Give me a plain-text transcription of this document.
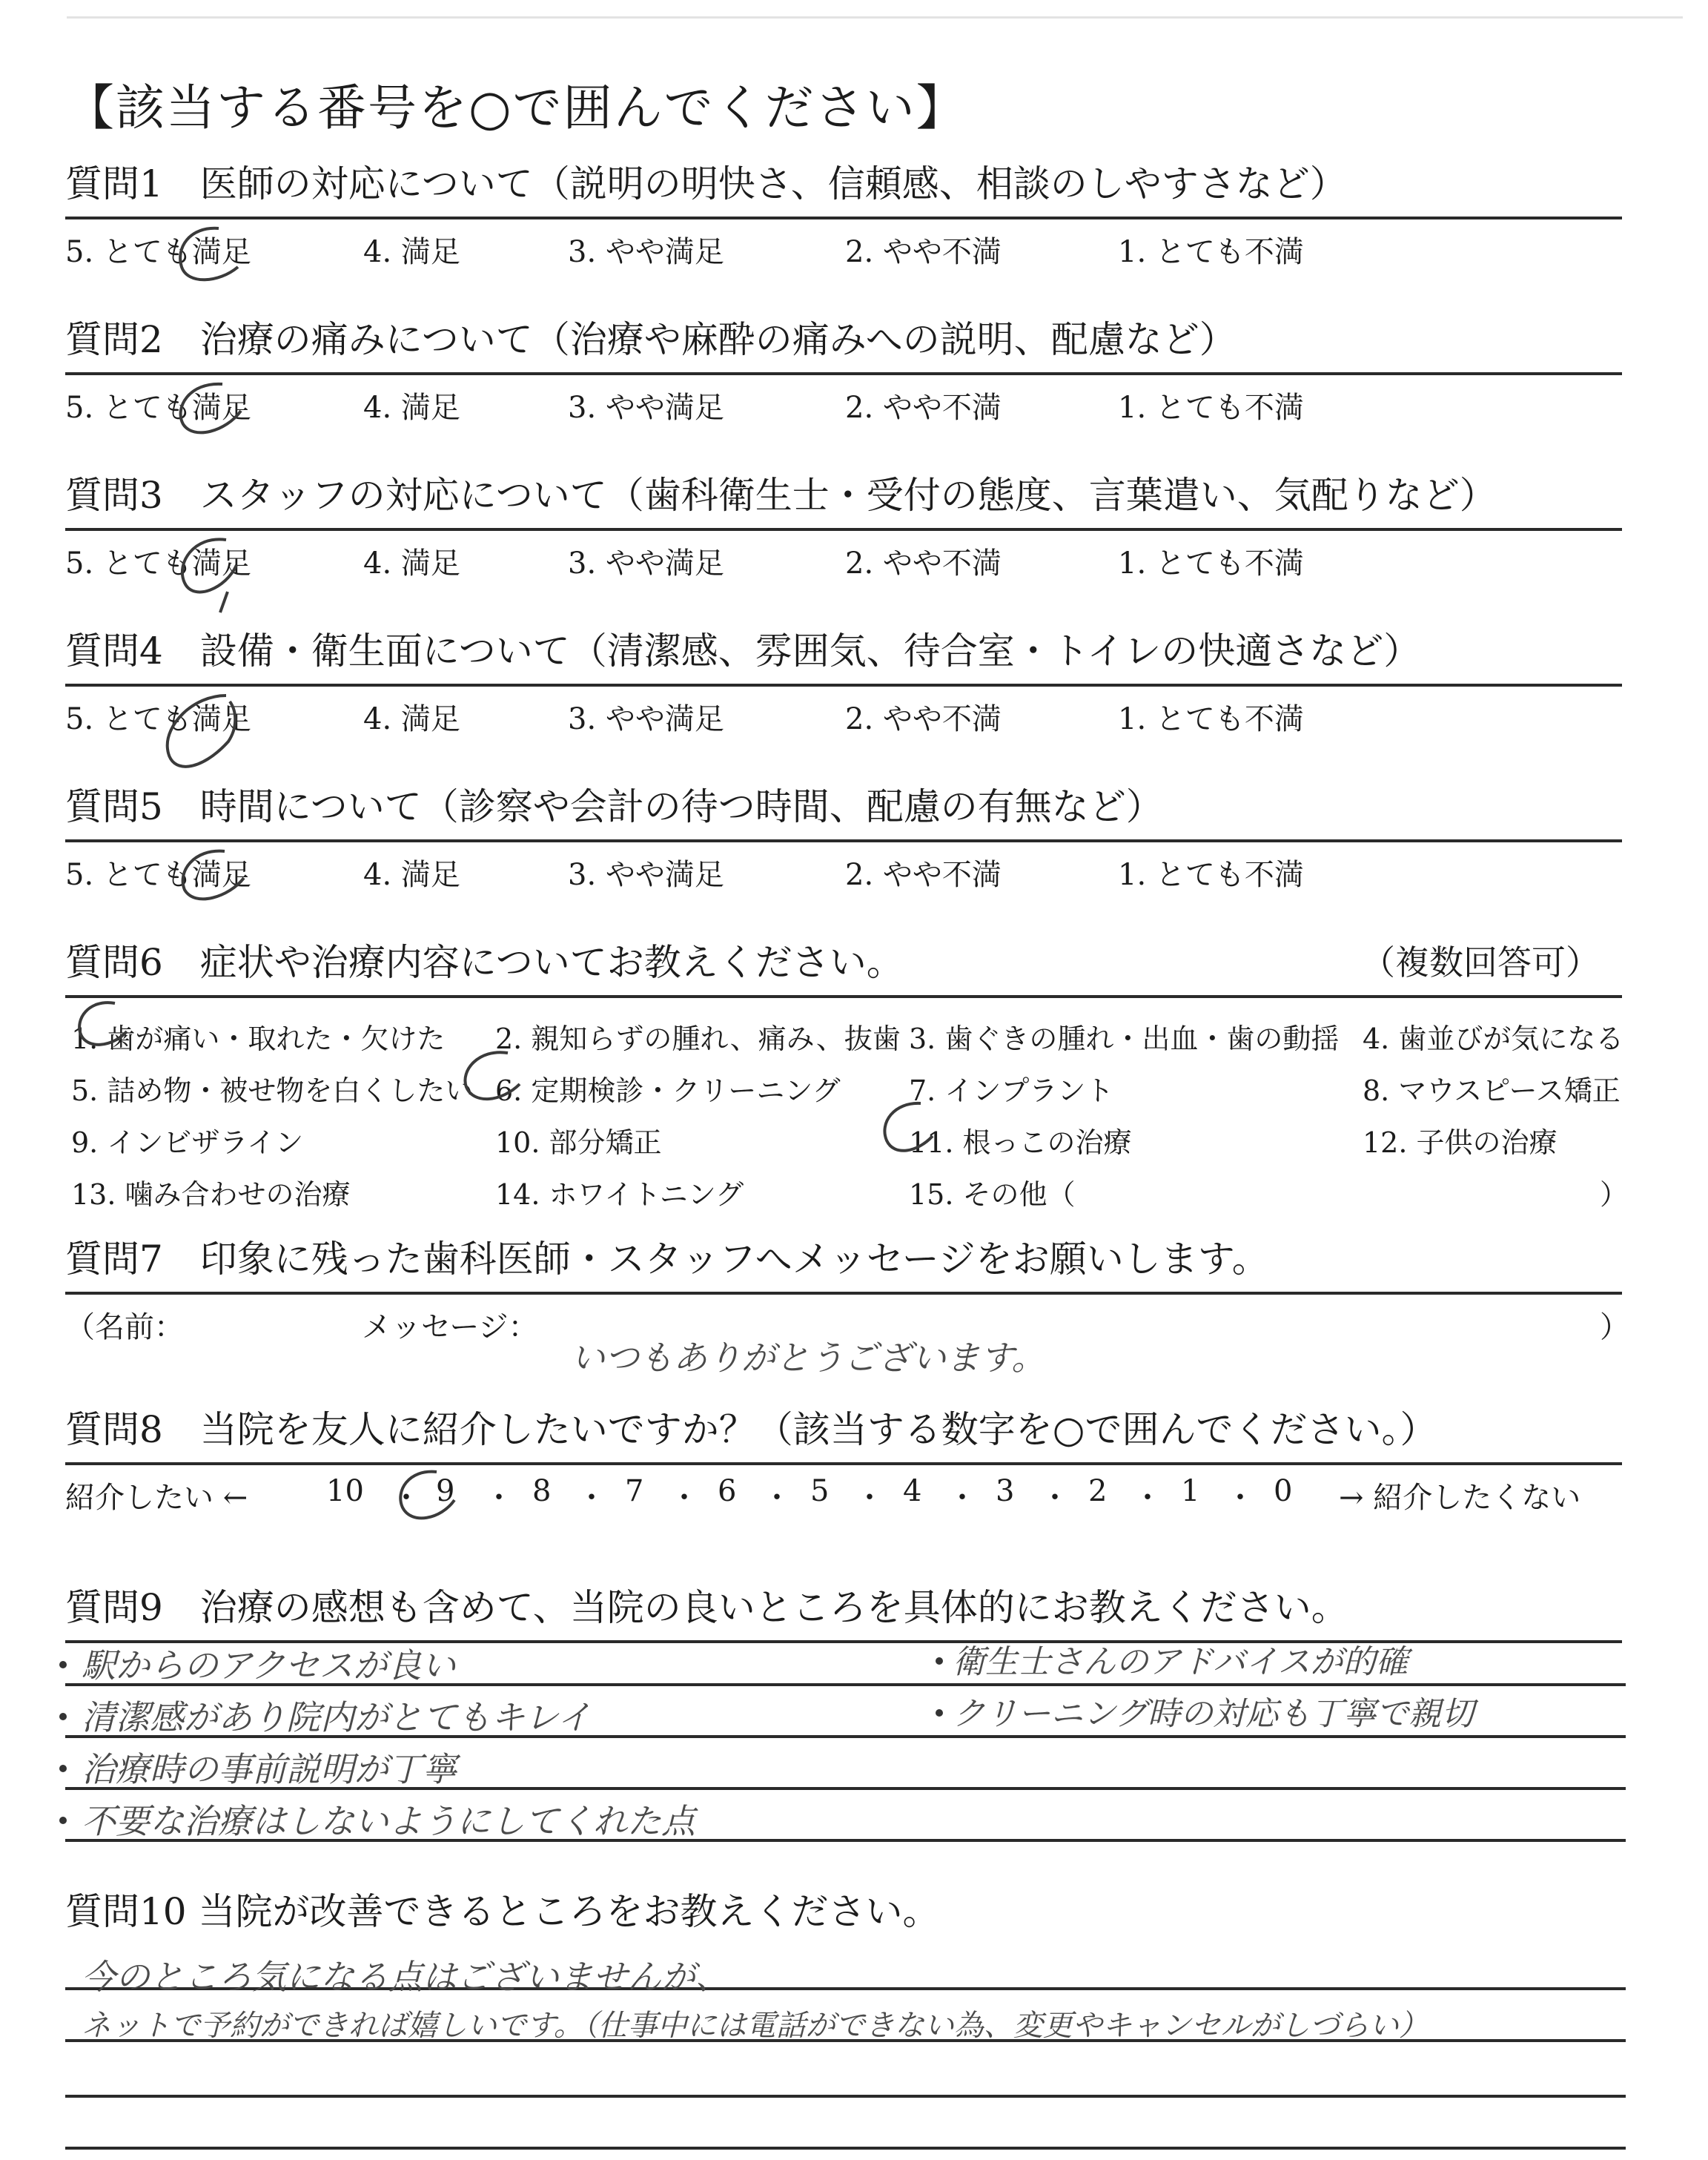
【該当する番号を○で囲んでください】
質問1　医師の対応について（説明の明快さ、信頼感、相談のしやすさなど）
5. とても満足	4. 満足	3. やや満足	2. やや不満	1. とても不満
質問2　治療の痛みについて（治療や麻酔の痛みへの説明、配慮など）
5. とても満足	4. 満足	3. やや満足	2. やや不満	1. とても不満
質問3　スタッフの対応について（歯科衛生士・受付の態度、言葉遣い、気配りなど）
5. とても満足	4. 満足	3. やや満足	2. やや不満	1. とても不満
質問4　設備・衛生面について（清潔感、雰囲気、待合室・トイレの快適さなど）
5. とても満足	4. 満足	3. やや満足	2. やや不満	1. とても不満
質問5　時間について（診察や会計の待つ時間、配慮の有無など）
5. とても満足	4. 満足	3. やや満足	2. やや不満	1. とても不満
質問6　症状や治療内容についてお教えください。	（複数回答可）
1. 歯が痛い・取れた・欠けた 2. 親知らずの腫れ、痛み、抜歯 3. 歯ぐきの腫れ・出血・歯の動揺 4. 歯並びが気になる
5. 詰め物・被せ物を白くしたい 6. 定期検診・クリーニング 7. インプラント	8. マウスピース矯正
9. インビザライン	10. 部分矯正	11. 根っこの治療	12. 子供の治療
13. 噛み合わせの治療	14. ホワイトニング	15. その他（	）
質問7　印象に残った歯科医師・スタッフへメッセージをお願いします。
（名前：	メッセージ：	）
いつもありがとうございます。
質問8　当院を友人に紹介したいですか？（該当する数字を○で囲んでください。）
紹介したい ←	10 ・ 9 ・ 8 ・ 7 ・ 6 ・ 5 ・ 4 ・ 3 ・ 2 ・ 1 ・ 0 → 紹介したくない
質問9　治療の感想も含めて、当院の良いところを具体的にお教えください。
駅からのアクセスが良い
清潔感があり院内がとてもキレイ
治療時の事前説明が丁寧
不要な治療はしないようにしてくれた点
衛生士さんのアドバイスが的確
クリーニング時の対応も丁寧で親切
質問10 当院が改善できるところをお教えください。
今のところ気になる点はございませんが、
ネットで予約ができれば嬉しいです。（仕事中には電話ができない為、変更やキャンセルがしづらい）
